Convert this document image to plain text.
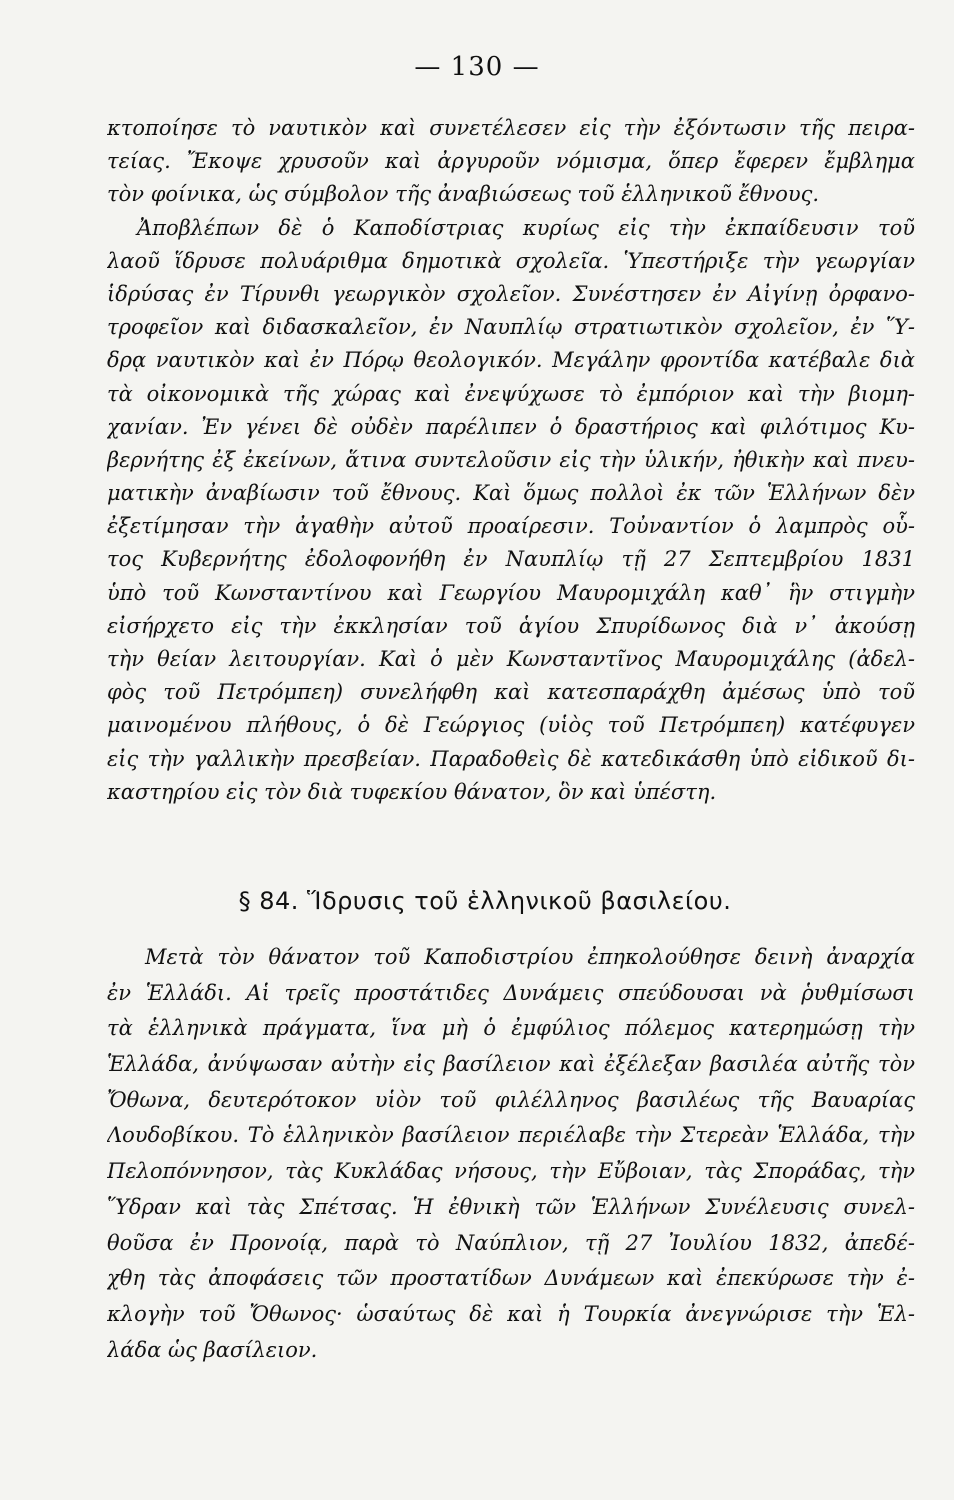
— 130 —
κτοποίησε τὸ ναυτικὸν καὶ συνετέλεσεν εἰς τὴν ἐξόντωσιν τῆς πειρα-
τείας. Ἔκοψε χρυσοῦν καὶ ἀργυροῦν νόμισμα, ὅπερ ἔφερεν ἔμβλημα
τὸν φοίνικα, ὡς σύμβολον τῆς ἀναβιώσεως τοῦ ἑλληνικοῦ ἔθνους.
Ἀποβλέπων δὲ ὁ Καποδίστριας κυρίως εἰς τὴν ἐκπαίδευσιν τοῦ
λαοῦ ἵδρυσε πολυάριθμα δημοτικὰ σχολεῖα. Ὑπεστήριξε τὴν γεωργίαν
ἱδρύσας ἐν Τίρυνθι γεωργικὸν σχολεῖον. Συνέστησεν ἐν Αἰγίνῃ ὀρφανο-
τροφεῖον καὶ διδασκαλεῖον, ἐν Ναυπλίῳ στρατιωτικὸν σχολεῖον, ἐν Ὕ-
δρᾳ ναυτικὸν καὶ ἐν Πόρῳ θεολογικόν. Μεγάλην φροντίδα κατέβαλε διὰ
τὰ οἰκονομικὰ τῆς χώρας καὶ ἐνεψύχωσε τὸ ἐμπόριον καὶ τὴν βιομη-
χανίαν. Ἐν γένει δὲ οὐδὲν παρέλιπεν ὁ δραστήριος καὶ φιλότιμος Κυ-
βερνήτης ἐξ ἐκείνων, ἅτινα συντελοῦσιν εἰς τὴν ὑλικήν, ἠθικὴν καὶ πνευ-
ματικὴν ἀναβίωσιν τοῦ ἔθνους. Καὶ ὅμως πολλοὶ ἐκ τῶν Ἑλλήνων δὲν
ἐξετίμησαν τὴν ἀγαθὴν αὐτοῦ προαίρεσιν. Τοὐναντίον ὁ λαμπρὸς οὗ-
τος Κυβερνήτης ἐδολοφονήθη ἐν Ναυπλίῳ τῇ 27 Σεπτεμβρίου 1831
ὑπὸ τοῦ Κωνσταντίνου καὶ Γεωργίου Μαυρομιχάλη καθ᾽ ἣν στιγμὴν
εἰσήρχετο εἰς τὴν ἐκκλησίαν τοῦ ἁγίου Σπυρίδωνος διὰ ν᾽ ἀκούσῃ
τὴν θείαν λειτουργίαν. Καὶ ὁ μὲν Κωνσταντῖνος Μαυρομιχάλης (ἀδελ-
φὸς τοῦ Πετρόμπεη) συνελήφθη καὶ κατεσπαράχθη ἀμέσως ὑπὸ τοῦ
μαινομένου πλήθους, ὁ δὲ Γεώργιος (υἱὸς τοῦ Πετρόμπεη) κατέφυγεν
εἰς τὴν γαλλικὴν πρεσβείαν. Παραδοθεὶς δὲ κατεδικάσθη ὑπὸ εἰδικοῦ δι-
καστηρίου εἰς τὸν διὰ τυφεκίου θάνατον, ὃν καὶ ὑπέστη.
§ 84. Ἵδρυσις τοῦ ἑλληνικοῦ βασιλείου.
Μετὰ τὸν θάνατον τοῦ Καποδιστρίου ἐπηκολούθησε δεινὴ ἀναρχία
ἐν Ἑλλάδι. Αἱ τρεῖς προστάτιδες Δυνάμεις σπεύδουσαι νὰ ῥυθμίσωσι
τὰ ἑλληνικὰ πράγματα, ἵνα μὴ ὁ ἐμφύλιος πόλεμος κατερημώσῃ τὴν
Ἑλλάδα, ἀνύψωσαν αὐτὴν εἰς βασίλειον καὶ ἐξέλεξαν βασιλέα αὐτῆς τὸν
Ὄθωνα, δευτερότοκον υἱὸν τοῦ φιλέλληνος βασιλέως τῆς Βαυαρίας
Λουδοβίκου. Τὸ ἑλληνικὸν βασίλειον περιέλαβε τὴν Στερεὰν Ἑλλάδα, τὴν
Πελοπόννησον, τὰς Κυκλάδας νήσους, τὴν Εὔβοιαν, τὰς Σποράδας, τὴν
Ὕδραν καὶ τὰς Σπέτσας. Ἡ ἐθνικὴ τῶν Ἑλλήνων Συνέλευσις συνελ-
θοῦσα ἐν Προνοίᾳ, παρὰ τὸ Ναύπλιον, τῇ 27 Ἰουλίου 1832, ἀπεδέ-
χθη τὰς ἀποφάσεις τῶν προστατίδων Δυνάμεων καὶ ἐπεκύρωσε τὴν ἐ-
κλογὴν τοῦ Ὄθωνος· ὡσαύτως δὲ καὶ ἡ Τουρκία ἀνεγνώρισε τὴν Ἑλ-
λάδα ὡς βασίλειον.
